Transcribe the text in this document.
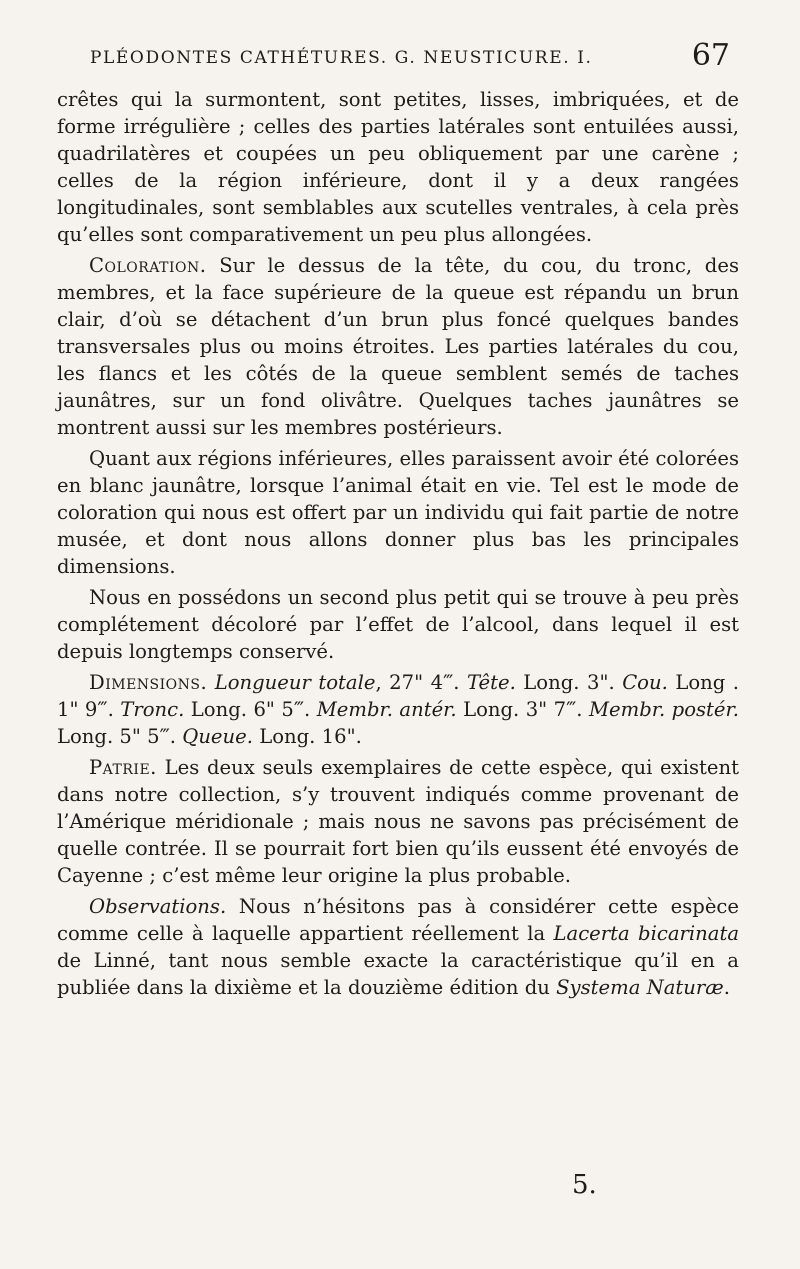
PLÉODONTES CATHÉTURES. G. NEUSTICURE. I.	67

crêtes qui la surmontent, sont petites, lisses, imbriquées, et de forme irrégulière ; celles des parties latérales sont entuilées aussi, quadrilatères et coupées un peu obliquement par une carène ; celles de la région inférieure, dont il y a deux rangées longitudinales, sont semblables aux scutelles ventrales, à cela près qu’elles sont comparativement un peu plus allongées.

Coloration. Sur le dessus de la tête, du cou, du tronc, des membres, et la face supérieure de la queue est répandu un brun clair, d’où se détachent d’un brun plus foncé quelques bandes transversales plus ou moins étroites. Les parties latérales du cou, les flancs et les côtés de la queue semblent semés de taches jaunâtres, sur un fond olivâtre. Quelques taches jaunâtres se montrent aussi sur les membres postérieurs.

Quant aux régions inférieures, elles paraissent avoir été colorées en blanc jaunâtre, lorsque l’animal était en vie. Tel est le mode de coloration qui nous est offert par un individu qui fait partie de notre musée, et dont nous allons donner plus bas les principales dimensions.

Nous en possédons un second plus petit qui se trouve à peu près complétement décoloré par l’effet de l’alcool, dans lequel il est depuis longtemps conservé.

Dimensions. Longueur totale, 27" 4‴. Tête. Long. 3". Cou. Long . 1" 9‴. Tronc. Long. 6" 5‴. Membr. antér. Long. 3" 7‴. Membr. postér. Long. 5" 5‴. Queue. Long. 16".

Patrie. Les deux seuls exemplaires de cette espèce, qui existent dans notre collection, s’y trouvent indiqués comme provenant de l’Amérique méridionale ; mais nous ne savons pas précisément de quelle contrée. Il se pourrait fort bien qu’ils eussent été envoyés de Cayenne ; c’est même leur origine la plus probable.

Observations. Nous n’hésitons pas à considérer cette espèce comme celle à laquelle appartient réellement la Lacerta bicarinata de Linné, tant nous semble exacte la caractéristique qu’il en a publiée dans la dixième et la douzième édition du Systema Naturæ.

5.
